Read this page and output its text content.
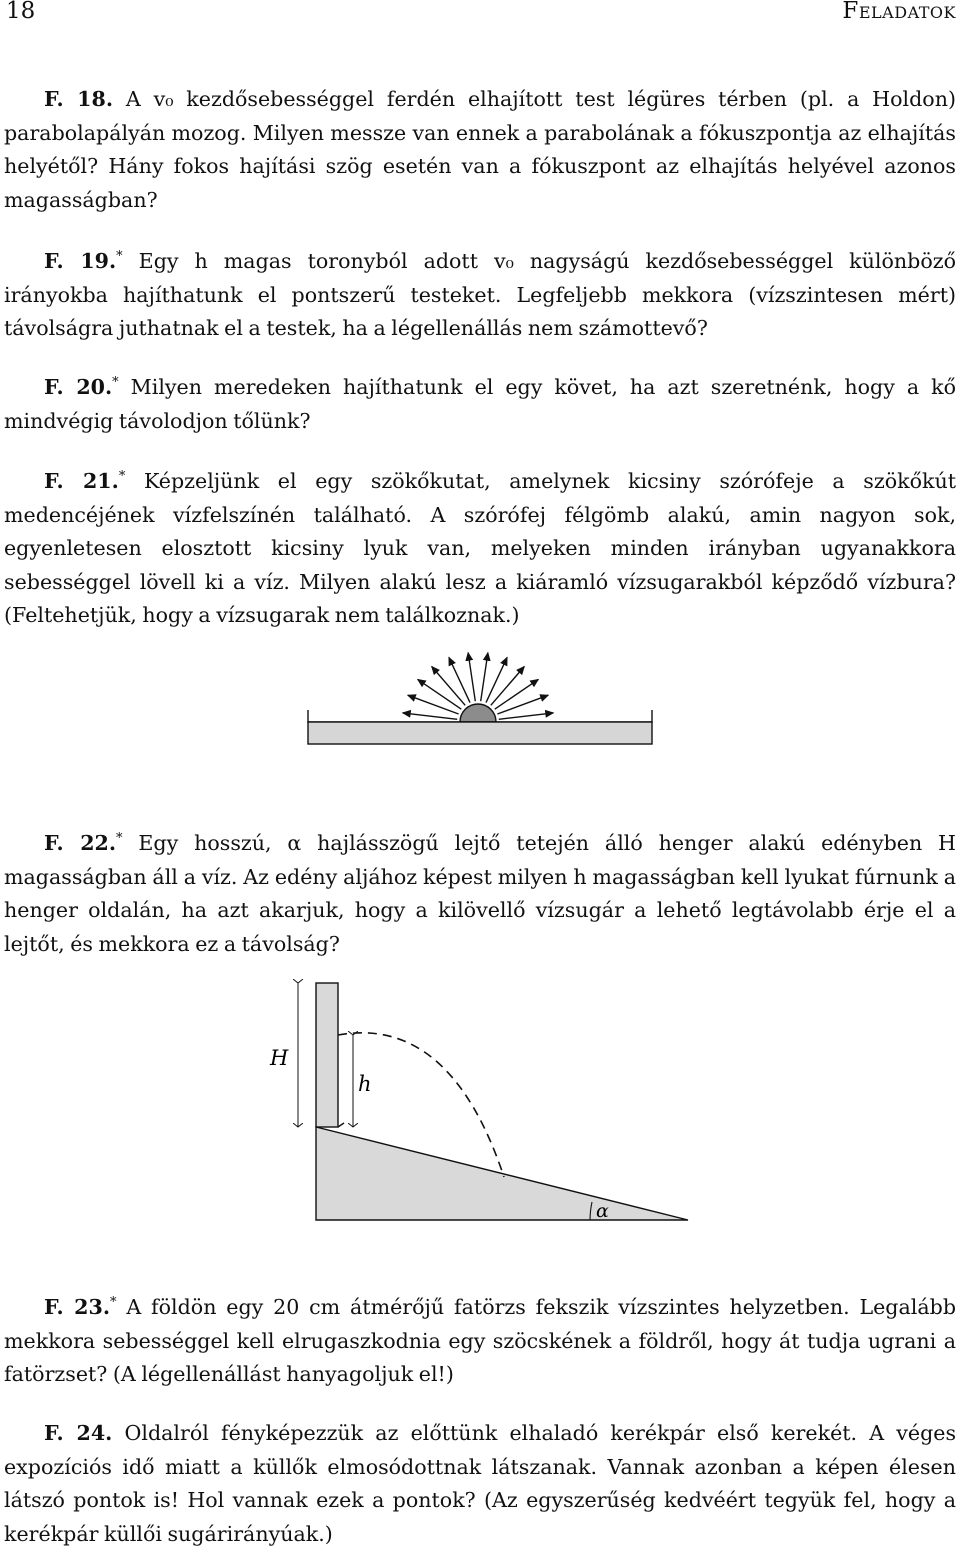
18	Feladatok
F. 18. A v₀ kezdősebességgel ferdén elhajított test légüres térben (pl. a Holdon) parabolapályán mozog. Milyen messze van ennek a parabolának a fókuszpontja az elhajítás helyétől? Hány fokos hajítási szög esetén van a fókuszpont az elhajítás helyével azonos magasságban?
F. 19.* Egy h magas toronyból adott v₀ nagyságú kezdősebességgel különböző irányokba hajíthatunk el pontszerű testeket. Legfeljebb mekkora (vízszintesen mért) távolságra juthatnak el a testek, ha a légellenállás nem számottevő?
F. 20.* Milyen meredeken hajíthatunk el egy követ, ha azt szeretnénk, hogy a kő mindvégig távolodjon tőlünk?
F. 21.* Képzeljünk el egy szökőkutat, amelynek kicsiny szórófeje a szökőkút medencéjének vízfelszínén található. A szórófej félgömb alakú, amin nagyon sok, egyenletesen elosztott kicsiny lyuk van, melyeken minden irányban ugyanakkora sebességgel lövell ki a víz. Milyen alakú lesz a kiáramló vízsugarakból képződő vízbura? (Feltehetjük, hogy a vízsugarak nem találkoznak.)
F. 22.* Egy hosszú, α hajlásszögű lejtő tetején álló henger alakú edényben H magasságban áll a víz. Az edény aljához képest milyen h magasságban kell lyukat fúrnunk a henger oldalán, ha azt akarjuk, hogy a kilövellő vízsugár a lehető legtávolabb érje el a lejtőt, és mekkora ez a távolság?
H
h
α
F. 23.* A földön egy 20 cm átmérőjű fatörzs fekszik vízszintes helyzetben. Legalább mekkora sebességgel kell elrugaszkodnia egy szöcskének a földről, hogy át tudja ugrani a fatörzset? (A légellenállást hanyagoljuk el!)
F. 24. Oldalról fényképezzük az előttünk elhaladó kerékpár első kerekét. A véges expozíciós idő miatt a küllők elmosódottnak látszanak. Vannak azonban a képen élesen látszó pontok is! Hol vannak ezek a pontok? (Az egyszerűség kedvéért tegyük fel, hogy a kerékpár küllői sugárirányúak.)
